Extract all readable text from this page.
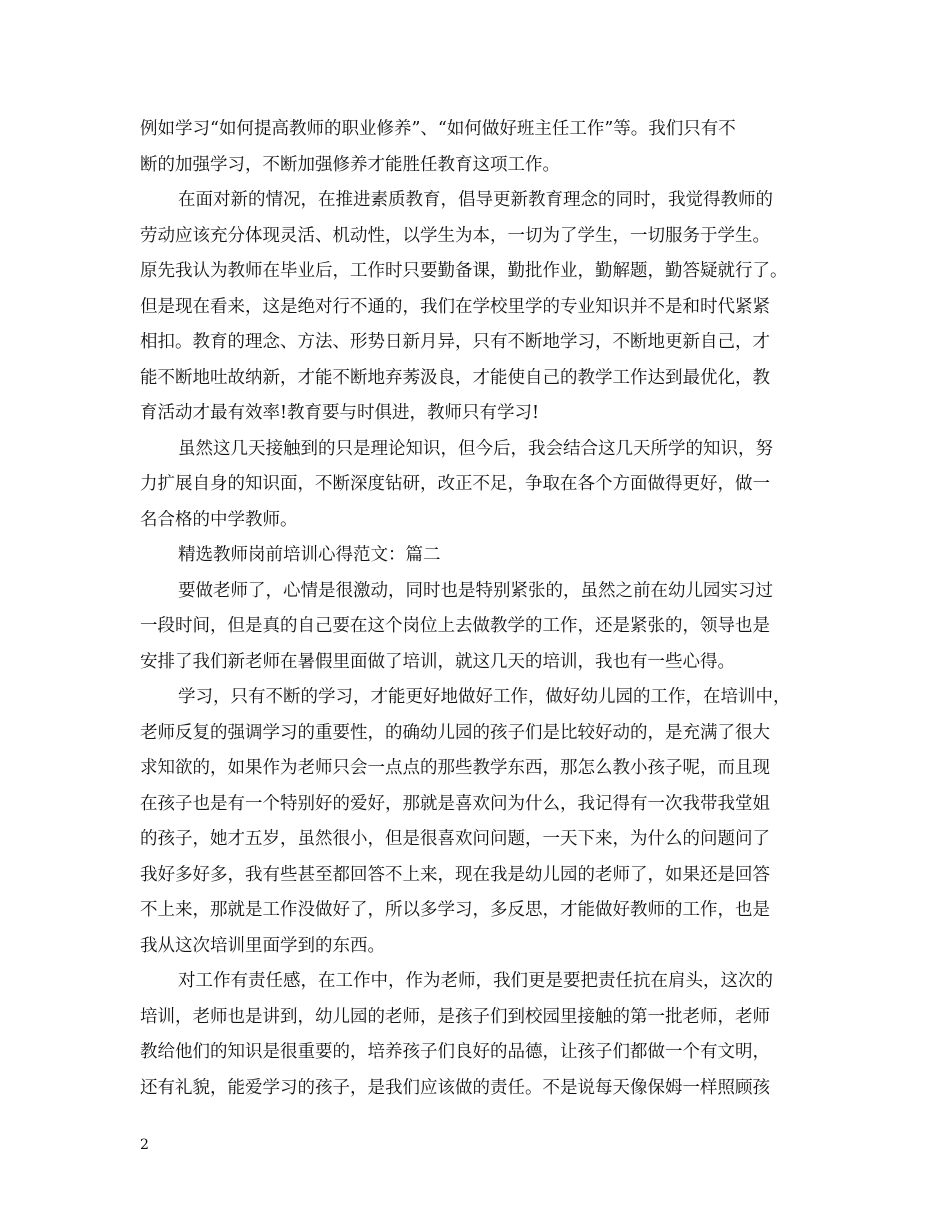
例如学习“如何提高教师的职业修养”、“如何做好班主任工作”等。我们只有不
断的加强学习，不断加强修养才能胜任教育这项工作。
在面对新的情况，在推进素质教育，倡导更新教育理念的同时，我觉得教师的
劳动应该充分体现灵活、机动性，以学生为本，一切为了学生，一切服务于学生。
原先我认为教师在毕业后，工作时只要勤备课，勤批作业，勤解题，勤答疑就行了。
但是现在看来，这是绝对行不通的，我们在学校里学的专业知识并不是和时代紧紧
相扣。教育的理念、方法、形势日新月异，只有不断地学习，不断地更新自己，才
能不断地吐故纳新，才能不断地弃莠汲良，才能使自己的教学工作达到最优化，教
育活动才最有效率!教育要与时俱进，教师只有学习!
虽然这几天接触到的只是理论知识，但今后，我会结合这几天所学的知识，努
力扩展自身的知识面，不断深度钻研，改正不足，争取在各个方面做得更好，做一
名合格的中学教师。
精选教师岗前培训心得范文：篇二
要做老师了，心情是很激动，同时也是特别紧张的，虽然之前在幼儿园实习过
一段时间，但是真的自己要在这个岗位上去做教学的工作，还是紧张的，领导也是
安排了我们新老师在暑假里面做了培训，就这几天的培训，我也有一些心得。
学习，只有不断的学习，才能更好地做好工作，做好幼儿园的工作，在培训中，
老师反复的强调学习的重要性，的确幼儿园的孩子们是比较好动的，是充满了很大
求知欲的，如果作为老师只会一点点的那些教学东西，那怎么教小孩子呢，而且现
在孩子也是有一个特别好的爱好，那就是喜欢问为什么，我记得有一次我带我堂姐
的孩子，她才五岁，虽然很小，但是很喜欢问问题，一天下来，为什么的问题问了
我好多好多，我有些甚至都回答不上来，现在我是幼儿园的老师了，如果还是回答
不上来，那就是工作没做好了，所以多学习，多反思，才能做好教师的工作，也是
我从这次培训里面学到的东西。
对工作有责任感，在工作中，作为老师，我们更是要把责任抗在肩头，这次的
培训，老师也是讲到，幼儿园的老师，是孩子们到校园里接触的第一批老师，老师
教给他们的知识是很重要的，培养孩子们良好的品德，让孩子们都做一个有文明，
还有礼貌，能爱学习的孩子，是我们应该做的责任。不是说每天像保姆一样照顾孩
2
